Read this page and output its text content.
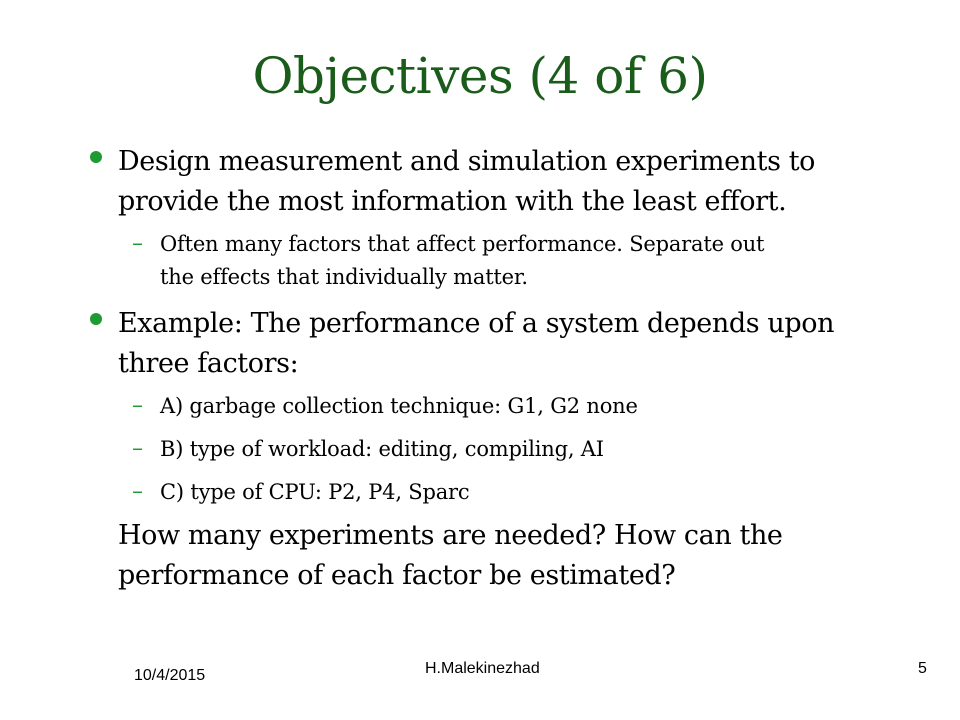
Objectives (4 of 6)
Design measurement and simulation experiments to
provide the most information with the least effort.
– Often many factors that affect performance. Separate out
the effects that individually matter.
Example: The performance of a system depends upon
three factors:
– A) garbage collection technique: G1, G2 none
– B) type of workload: editing, compiling, AI
– C) type of CPU: P2, P4, Sparc
How many experiments are needed? How can the
performance of each factor be estimated?
10/4/2015	H.Malekinezhad	5
